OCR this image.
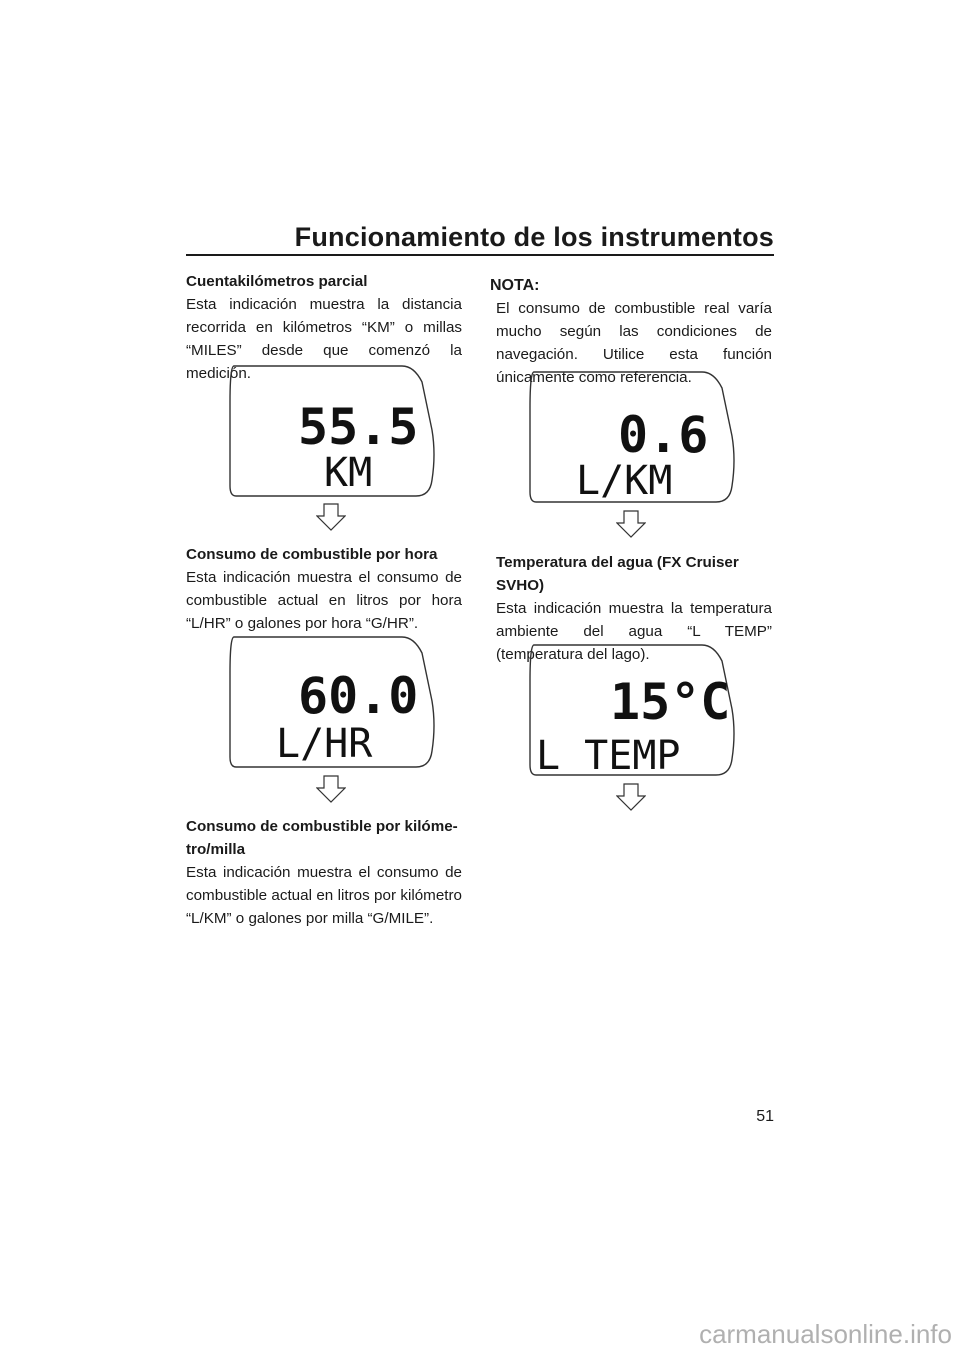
Funcionamiento de los instrumentos
Cuentakilómetros parcial
Esta indicación muestra la distancia recorrida en kilómetros “KM” o millas “MILES” desde que comenzó la medición.
Consumo de combustible por hora
Esta indicación muestra el consumo de combustible actual en litros por hora “L/HR” o galones por hora “G/HR”.
Consumo de combustible por kilóme-
tro/milla
Esta indicación muestra el consumo de combustible actual en litros por kilómetro “L/KM” o galones por milla “G/MILE”.
NOTA:
El consumo de combustible real varía mucho según las condiciones de navegación. Utilice esta función únicamente como referencia.
Temperatura del agua (FX Cruiser SVHO)
Esta indicación muestra la temperatura ambiente del agua “L TEMP” (temperatura del lago).
55.5
KM
60.0
L/HR
0.6
L/KM
15°C
L TEMP
51
carmanualsonline.info
